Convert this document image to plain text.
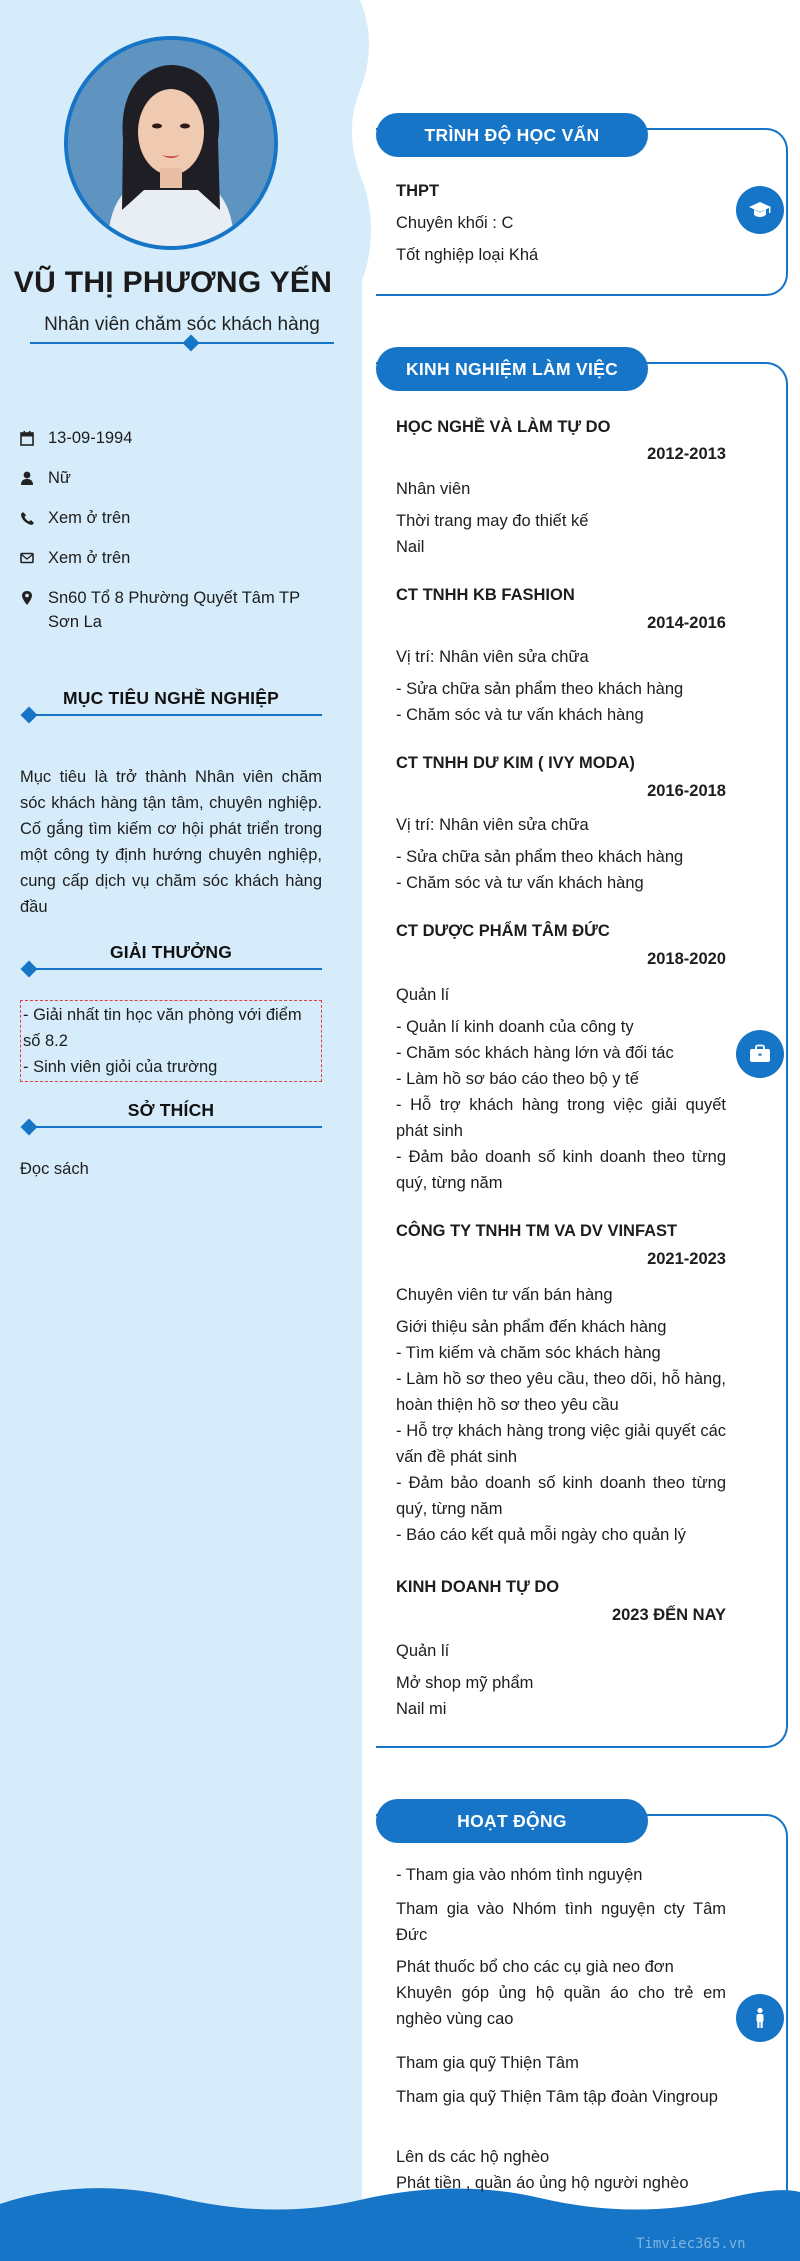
VŨ THỊ PHƯƠNG YẾN
Nhân viên chăm sóc khách hàng
13-09-1994
Nữ
Xem ở trên
Xem ở trên
Sn60 Tổ 8 Phường Quyết Tâm TP
Sơn La
MỤC TIÊU NGHỀ NGHIỆP
Mục tiêu là trở thành Nhân viên chăm sóc khách hàng tận tâm, chuyên nghiệp. Cố gắng tìm kiếm cơ hội phát triển trong một công ty định hướng chuyên nghiệp, cung cấp dịch vụ chăm sóc khách hàng đầu
GIẢI THƯỞNG
- Giải nhất tin học văn phòng với điểm số 8.2
- Sinh viên giỏi của trường
SỞ THÍCH
Đọc sách
TRÌNH ĐỘ HỌC VẤN
THPT
Chuyên khối : C
Tốt nghiệp loại Khá
KINH NGHIỆM LÀM VIỆC
HỌC NGHỀ VÀ LÀM TỰ DO
2012-2013
Nhân viên
Thời trang may đo thiết kế
Nail
CT TNHH KB FASHION
2014-2016
Vị trí: Nhân viên sửa chữa
- Sửa chữa sản phẩm theo khách hàng
- Chăm sóc và tư vấn khách hàng
CT TNHH DƯ KIM ( IVY MODA)
2016-2018
Vị trí: Nhân viên sửa chữa
- Sửa chữa sản phẩm theo khách hàng
- Chăm sóc và tư vấn khách hàng
CT DƯỢC PHẨM TÂM ĐỨC
2018-2020
Quản lí
- Quản lí kinh doanh của công ty
- Chăm sóc khách hàng lớn và đối tác
- Làm hồ sơ báo cáo theo bộ y tế
- Hỗ trợ khách hàng trong việc giải quyết phát sinh
- Đảm bảo doanh số kinh doanh theo từng quý, từng năm
CÔNG TY TNHH TM VA DV VINFAST
2021-2023
Chuyên viên tư vấn bán hàng
Giới thiệu sản phẩm đến khách hàng
- Tìm kiếm và chăm sóc khách hàng
- Làm hồ sơ theo yêu cầu, theo dõi, hỗ hàng, hoàn thiện hồ sơ theo yêu cầu
- Hỗ trợ khách hàng trong việc giải quyết các vấn đề phát sinh
- Đảm bảo doanh số kinh doanh theo từng quý, từng năm
- Báo cáo kết quả mỗi ngày cho quản lý
KINH DOANH TỰ DO
2023 ĐẾN NAY
Quản lí
Mở shop mỹ phẩm
Nail mi
HOẠT ĐỘNG
- Tham gia vào nhóm tình nguyện
Tham gia vào Nhóm tình nguyện cty Tâm Đức
Phát thuốc bổ cho các cụ già neo đơn
Khuyên góp ủng hộ quần áo cho trẻ em nghèo vùng cao
Tham gia quỹ Thiện Tâm
Tham gia quỹ Thiện Tâm tập đoàn Vingroup
Lên ds các hộ nghèo
Phát tiền , quần áo ủng hộ người nghèo
Timviec365.vn
